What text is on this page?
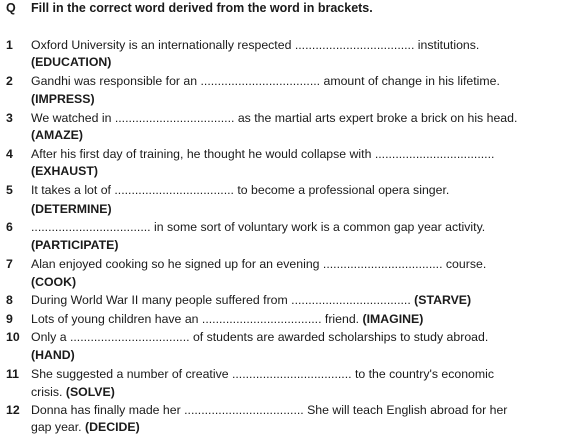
Q Fill in the correct word derived from the word in brackets.
1	Oxford University is an internationally respected ................................... institutions.
(EDUCATION)
2	Gandhi was responsible for an ................................... amount of change in his lifetime.
(IMPRESS)
3	We watched in ................................... as the martial arts expert broke a brick on his head.
(AMAZE)
4	After his first day of training, he thought he would collapse with ...................................
(EXHAUST)
5	It takes a lot of ................................... to become a professional opera singer.
(DETERMINE)
6	................................... in some sort of voluntary work is a common gap year activity.
(PARTICIPATE)
7	Alan enjoyed cooking so he signed up for an evening ................................... course.
(COOK)
8	During World War II many people suffered from ................................... (STARVE)
9	Lots of young children have an ................................... friend. (IMAGINE)
10 Only a ................................... of students are awarded scholarships to study abroad.
(HAND)
11 She suggested a number of creative ................................... to the country's economic
crisis. (SOLVE)
12 Donna has finally made her ................................... She will teach English abroad for her
gap year. (DECIDE)
